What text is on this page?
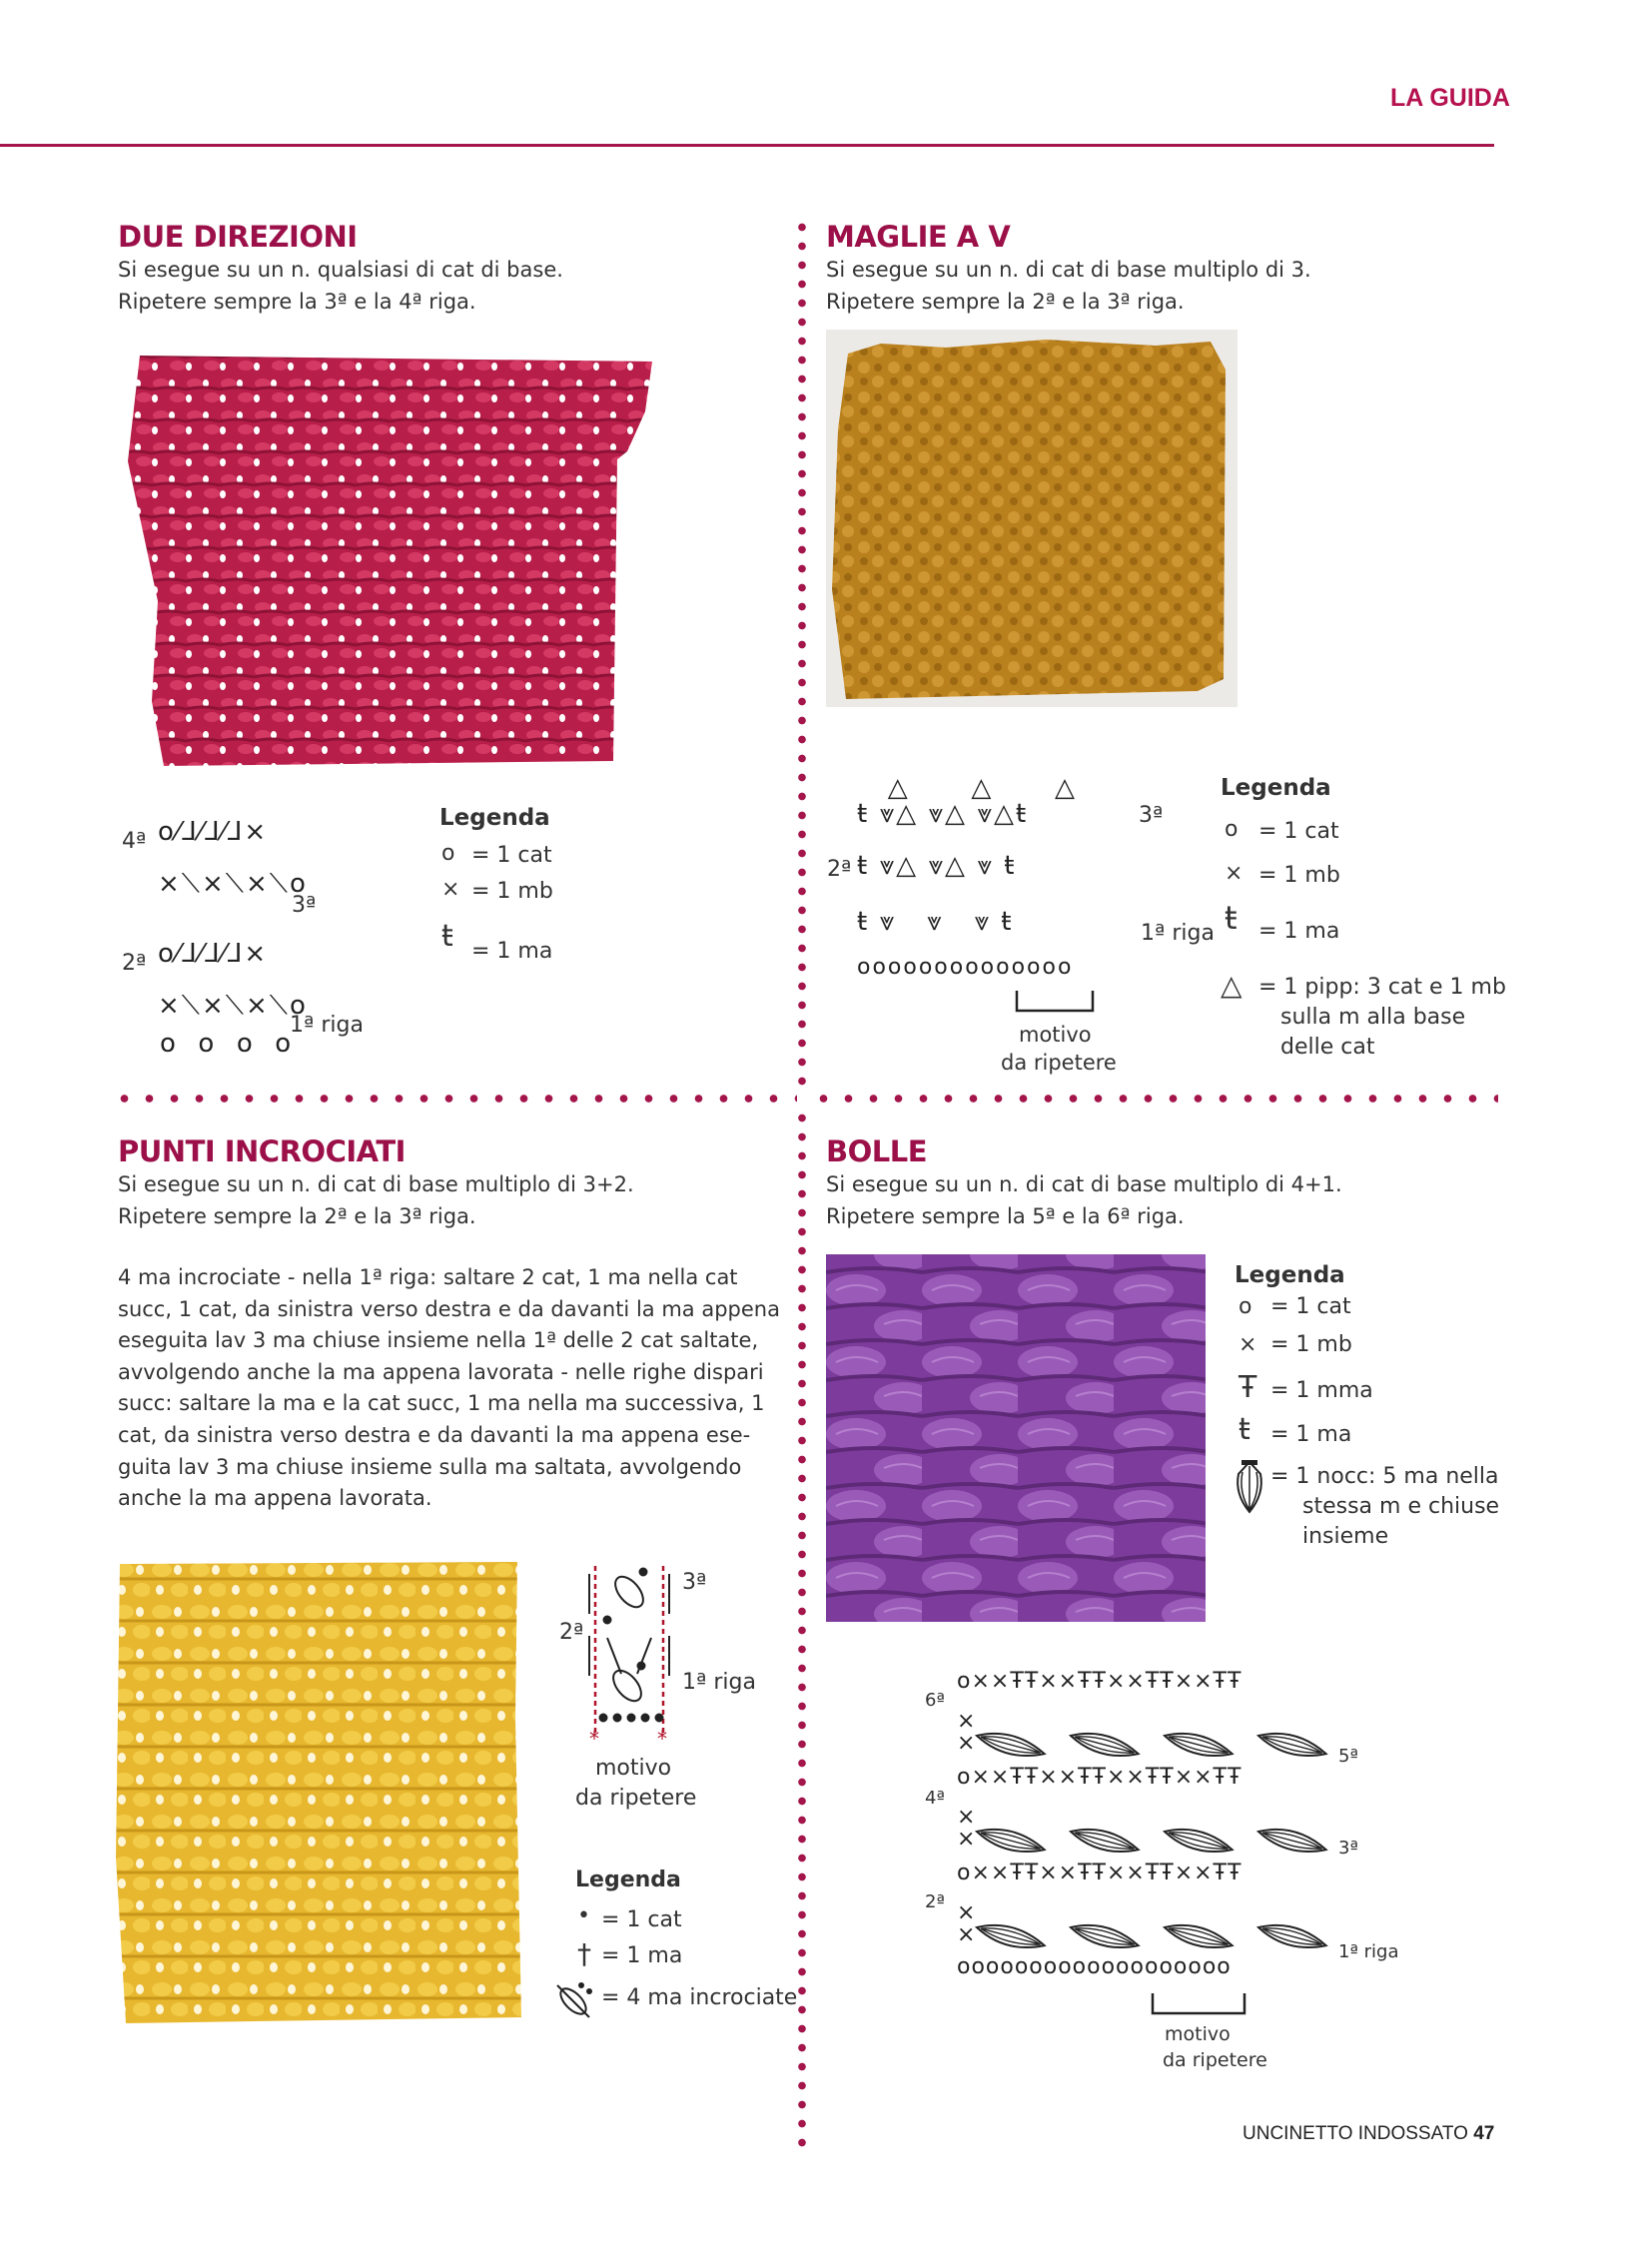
LA GUIDA
DUE DIREZIONI
Si esegue su un n. qualsiasi di cat di base.
Ripetere sempre la 3ª e la 4ª riga.
4ª o⁄⅃⁄⅃⁄⅃×
×⟍×⟍×⟍o
3ª
2ª o⁄⅃⁄⅃⁄⅃×
×⟍×⟍×⟍o
1ª riga
o  o  o  o
Legenda
o = 1 cat
× = 1 mb
ŧ = 1 ma
MAGLIE A V
Si esegue su un n. di cat di base multiplo di 3.
Ripetere sempre la 2ª e la 3ª riga.
△      △      △
ŧ ⩔△ ⩔△ ⩔△ŧ	3ª
2ª ŧ ⩔△ ⩔△ ⩔ ŧ
ŧ ⩔   ⩔   ⩔ ŧ	1ª riga
oooooooooooooo
motivo
da ripetere
Legenda
o = 1 cat
× = 1 mb
ŧ = 1 ma
△ = 1 pipp: 3 cat e 1 mb
sulla m alla base
delle cat
PUNTI INCROCIATI
Si esegue su un n. di cat di base multiplo di 3+2.
Ripetere sempre la 2ª e la 3ª riga.
4 ma incrociate - nella 1ª riga: saltare 2 cat, 1 ma nella cat
succ, 1 cat, da sinistra verso destra e da davanti la ma appena
eseguita lav 3 ma chiuse insieme nella 1ª delle 2 cat saltate,
avvolgendo anche la ma appena lavorata - nelle righe dispari
succ: saltare la ma e la cat succ, 1 ma nella ma successiva, 1
cat, da sinistra verso destra e da davanti la ma appena ese-
guita lav 3 ma chiuse insieme sulla ma saltata, avvolgendo
anche la ma appena lavorata.
*	*
3ª
2ª
1ª riga
motivo
da ripetere
Legenda
• = 1 cat
† = 1 ma
= 4 ma incrociate
BOLLE
Si esegue su un n. di cat di base multiplo di 4+1.
Ripetere sempre la 5ª e la 6ª riga.
Legenda
o = 1 cat
× = 1 mb
Ŧ = 1 mma
ŧ = 1 ma
= 1 nocc: 5 ma nella
stessa m e chiuse
insieme
o××ŦŦ××ŦŦ××ŦŦ××ŦŦ
o××ŦŦ××ŦŦ××ŦŦ××ŦŦ
o××ŦŦ××ŦŦ××ŦŦ××ŦŦ
o××ŦŦ××ŦŦ××ŦŦ××ŦŦ
ooooooooooooooooooo
×
×
×
×
×
×
6ª
5ª
4ª
3ª
2ª
1ª riga
motivo
da ripetere
UNCINETTO INDOSSATO 47
